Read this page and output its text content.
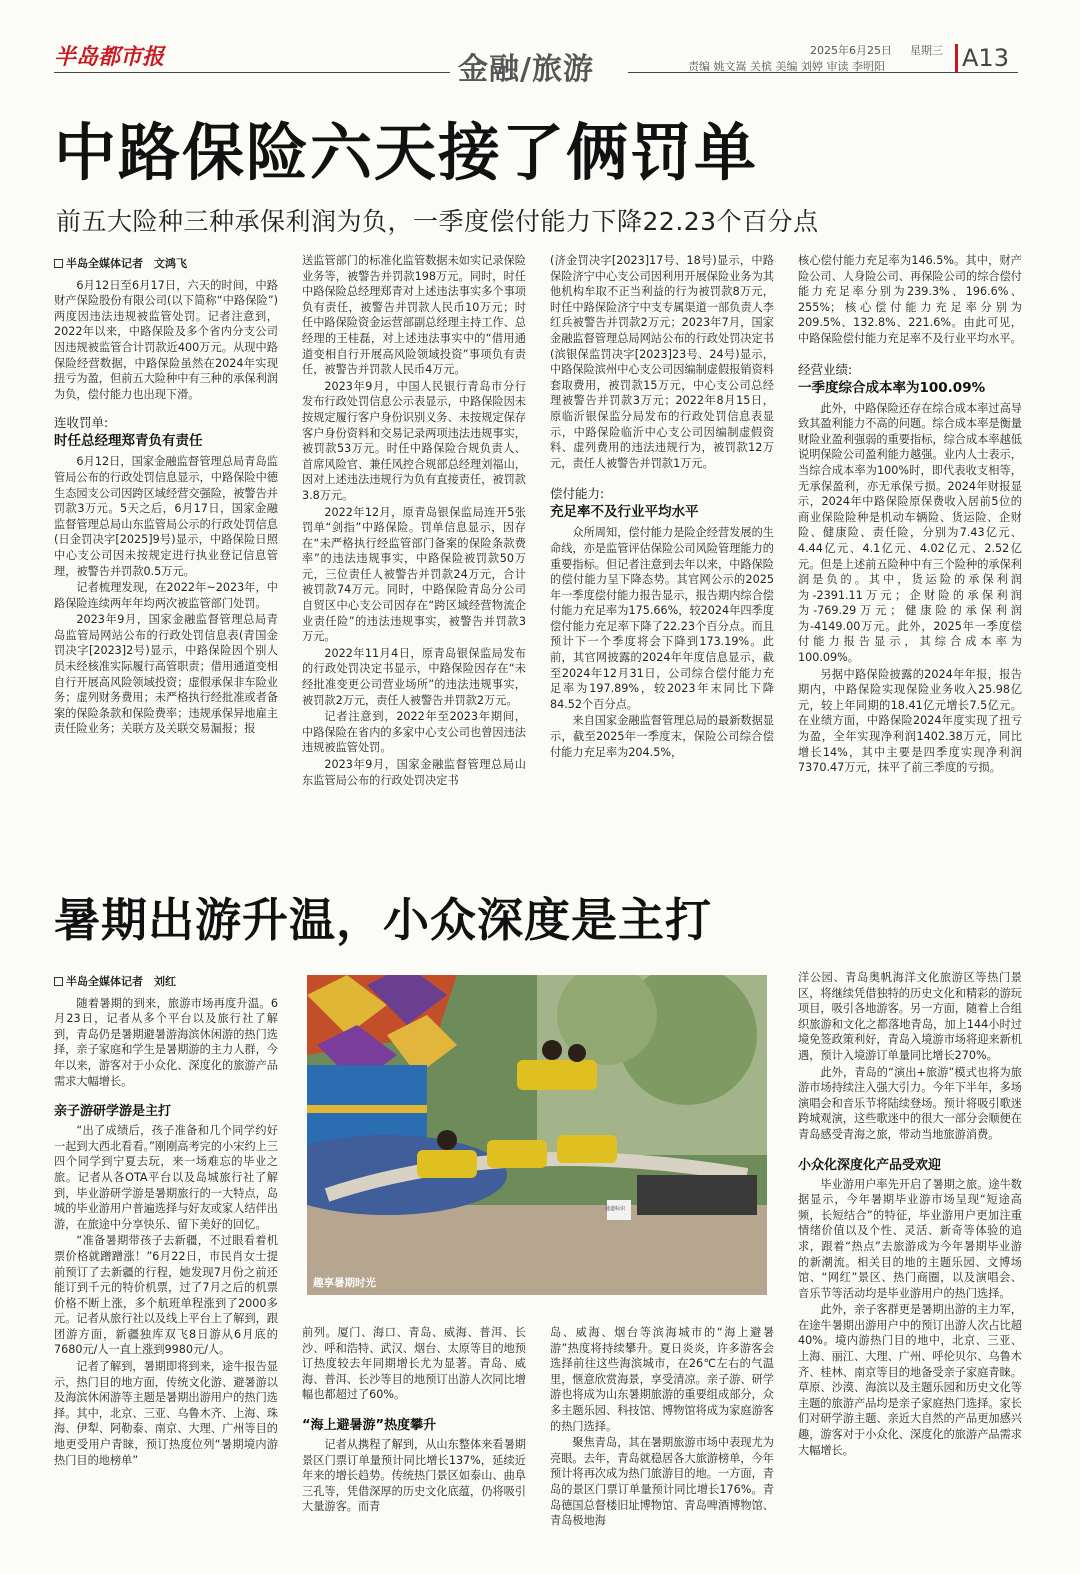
半岛都市报	金融/旅游
2025年6月25日 星期三
责编 姚文嵩 关槟 美编 刘婷 审读 李明阳	A13
中路保险六天接了俩罚单
前五大险种三种承保利润为负，一季度偿付能力下降22.23个百分点
半岛全媒体记者　文鸿飞

6月12日至6月17日，六天的时间，中路财产保险股份有限公司(以下简称“中路保险”)两度因违法违规被监管处罚。记者注意到，2022年以来，中路保险及多个省内分支公司因违规被监管合计罚款近400万元。从现中路保险经营数据，中路保险虽然在2024年实现扭亏为盈，但前五大险种中有三种的承保利润为负，偿付能力也出现下滑。

连收罚单:
时任总经理郑青负有责任

6月12日，国家金融监督管理总局青岛监管局公布的行政处罚信息显示，中路保险中德生态园支公司因跨区域经营交强险，被警告并罚款3万元。5天之后，6月17日，国家金融监督管理总局山东监管局公示的行政处罚信息(日金罚决字[2025]9号)显示，中路保险日照中心支公司因未按规定进行执业登记信息管理，被警告并罚款0.5万元。

记者梳理发现，在2022年~2023年，中路保险连续两年年均两次被监管部门处罚。

2023年9月，国家金融监督管理总局青岛监管局网站公布的行政处罚信息表(青国金罚决字[2023]2号)显示，中路保险因个别人员未经核准实际履行高管职责；借用通道变相自行开展高风险领域投资；虚假承保非车险业务；虚列财务费用；未严格执行经批准或者备案的保险条款和保险费率；违规承保异地雇主责任险业务；关联方及关联交易漏报；报

送监管部门的标准化监管数据未如实记录保险业务等，被警告并罚款198万元。同时，时任中路保险总经理郑青对上述违法事实多个事项负有责任，被警告并罚款人民币10万元；时任中路保险资金运营部副总经理主持工作、总经理的王桂磊，对上述违法事实中的“借用通道变相自行开展高风险领域投资”事项负有责任，被警告并罚款人民币4万元。

2023年9月，中国人民银行青岛市分行发布行政处罚信息公示表显示，中路保险因未按规定履行客户身份识别义务、未按规定保存客户身份资料和交易记录两项违法违规事实，被罚款53万元。时任中路保险合规负责人、首席风险官、兼任风控合规部总经理刘福山，因对上述违法违规行为负有直接责任，被罚款3.8万元。

2022年12月，原青岛银保监局连开5张罚单“剑指”中路保险。罚单信息显示，因存在“未严格执行经监管部门备案的保险条款费率”的违法违规事实，中路保险被罚款50万元，三位责任人被警告并罚款24万元，合计被罚款74万元。同时，中路保险青岛分公司自贸区中心支公司因存在“跨区域经营物流企业责任险”的违法违规事实，被警告并罚款3万元。

2022年11月4日，原青岛银保监局发布的行政处罚决定书显示，中路保险因存在“未经批准变更公司营业场所”的违法违规事实，被罚款2万元，责任人被警告并罚款2万元。

记者注意到，2022年至2023年期间，中路保险在省内的多家中心支公司也曾因违法违规被监管处罚。

2023年9月，国家金融监督管理总局山东监管局公布的行政处罚决定书

(济金罚决字[2023]17号、18号)显示，中路保险济宁中心支公司因利用开展保险业务为其他机构牟取不正当利益的行为被罚款8万元，时任中路保险济宁中支专属渠道一部负责人李红兵被警告并罚款2万元；2023年7月，国家金融监督管理总局网站公布的行政处罚决定书(滨银保监罚决字[2023]23号、24号)显示，中路保险滨州中心支公司因编制虚假报销资料套取费用，被罚款15万元，中心支公司总经理被警告并罚款3万元；2022年8月15日，原临沂银保监分局发布的行政处罚信息表显示，中路保险临沂中心支公司因编制虚假资料、虚列费用的违法违规行为，被罚款12万元，责任人被警告并罚款1万元。

偿付能力:
充足率不及行业平均水平

众所周知，偿付能力是险企经营发展的生命线，亦是监管评估保险公司风险管理能力的重要指标。但记者注意到去年以来，中路保险的偿付能力呈下降态势。其官网公示的2025年一季度偿付能力报告显示，报告期内综合偿付能力充足率为175.66%，较2024年四季度偿付能力充足率下降了22.23个百分点。而且预计下一个季度将会下降到173.19%。此前，其官网披露的2024年年度信息显示，截至2024年12月31日，公司综合偿付能力充足率为197.89%，较2023年末同比下降84.52个百分点。

来自国家金融监督管理总局的最新数据显示，截至2025年一季度末，保险公司综合偿付能力充足率为204.5%，

核心偿付能力充足率为146.5%。其中，财产险公司、人身险公司、再保险公司的综合偿付能力充足率分别为239.3%、196.6%、255%；核心偿付能力充足率分别为209.5%、132.8%、221.6%。由此可见，中路保险偿付能力充足率不及行业平均水平。

经营业绩:
一季度综合成本率为100.09%

此外，中路保险还存在综合成本率过高导致其盈利能力不高的问题。综合成本率是衡量财险业盈利强弱的重要指标，综合成本率越低说明保险公司盈利能力越强。业内人士表示，当综合成本率为100%时，即代表收支相等，无承保盈利，亦无承保亏损。2024年财报显示，2024年中路保险原保费收入居前5位的商业保险险种是机动车辆险、货运险、企财险、健康险、责任险，分别为7.43亿元、4.44亿元、4.1亿元、4.02亿元、2.52亿元。但是上述前五险种中有三个险种的承保利润是负的。其中，货运险的承保利润为-2391.11万元；企财险的承保利润为-769.29万元；健康险的承保利润为-4149.00万元。此外，2025年一季度偿付能力报告显示，其综合成本率为100.09%。

另据中路保险披露的2024年年报，报告期内，中路保险实现保险业务收入25.98亿元，较上年同期的18.41亿元增长7.5亿元。在业绩方面，中路保险2024年度实现了扭亏为盈，全年实现净利润1402.38万元，同比增长14%，其中主要是四季度实现净利润7370.47万元，抹平了前三季度的亏损。

暑期出游升温，小众深度是主打
半岛全媒体记者　刘红

随着暑期的到来，旅游市场再度升温。6月23日，记者从多个平台以及旅行社了解到，青岛仍是暑期避暑游海滨休闲游的热门选择，亲子家庭和学生是暑期游的主力人群，今年以来，游客对于小众化、深度化的旅游产品需求大幅增长。

亲子游研学游是主打

“出了成绩后，孩子准备和几个同学约好一起到大西北看看。”刚刚高考完的小宋约上三四个同学到宁夏去玩，来一场难忘的毕业之旅。记者从各OTA平台以及岛城旅行社了解到，毕业游研学游是暑期旅行的一大特点，岛城的毕业游用户普遍选择与好友或家人结伴出游，在旅途中分享快乐、留下美好的回忆。

“准备暑期带孩子去新疆，不过眼看着机票价格就蹭蹭涨！”6月22日，市民肖女士提前预订了去新疆的行程，她发现7月份之前还能订到千元的特价机票，过了7月之后的机票价格不断上涨，多个航班单程涨到了2000多元。记者从旅行社以及线上平台上了解到，跟团游方面，新疆独库双飞8日游从6月底的7680元/人一直上涨到9980元/人。

记者了解到，暑期即将到来，途牛报告显示，热门目的地方面，传统文化游、避暑游以及海滨休闲游等主题是暑期出游用户的热门选择。其中，北京、三亚、乌鲁木齐、上海、珠海、伊犁、阿勒泰、南京、大理、广州等目的地更受用户青睐，预订热度位列“暑期境内游热门目的地榜单”

通道标识
趣享暑期时光

前列。厦门、海口、青岛、威海、普洱、长沙、呼和浩特、武汉、烟台、太原等目的地预订热度较去年同期增长尤为显著。青岛、威海、普洱、长沙等目的地预订出游人次同比增幅也都超过了60%。

“海上避暑游”热度攀升

记者从携程了解到，从山东整体来看暑期景区门票订单量预计同比增长137%，延续近年来的增长趋势。传统热门景区如泰山、曲阜三孔等，凭借深厚的历史文化底蕴，仍将吸引大量游客。而青

岛、威海、烟台等滨海城市的“海上避暑游”热度将持续攀升。夏日炎炎，许多游客会选择前往这些海滨城市，在26℃左右的气温里，惬意欣赏海景，享受清凉。亲子游、研学游也将成为山东暑期旅游的重要组成部分，众多主题乐园、科技馆、博物馆将成为家庭游客的热门选择。

聚焦青岛，其在暑期旅游市场中表现尤为亮眼。去年，青岛就稳居各大旅游榜单，今年预计将再次成为热门旅游目的地。一方面，青岛的景区门票订单量预计同比增长176%。青岛德国总督楼旧址博物馆、青岛啤酒博物馆、青岛极地海

洋公园、青岛奥帆海洋文化旅游区等热门景区，将继续凭借独特的历史文化和精彩的游玩项目，吸引各地游客。另一方面，随着上合组织旅游和文化之都落地青岛，加上144小时过境免签政策利好，青岛入境游市场将迎来新机遇，预计入境游订单量同比增长270%。

此外，青岛的“演出+旅游”模式也将为旅游市场持续注入强大引力。今年下半年，多场演唱会和音乐节将陆续登场。预计将吸引歌迷跨城观演，这些歌迷中的很大一部分会顺便在青岛感受青海之旅，带动当地旅游消费。

小众化深度化产品受欢迎

毕业游用户率先开启了暑期之旅。途牛数据显示，今年暑期毕业游市场呈现“短途高频，长短结合”的特征，毕业游用户更加注重情绪价值以及个性、灵活、新奇等体验的追求，跟着“热点”去旅游成为今年暑期毕业游的新潮流。相关目的地的主题乐园、文博场馆、“网红”景区、热门商圈，以及演唱会、音乐节等活动均是毕业游用户的热门选择。

此外，亲子客群更是暑期出游的主力军，在途牛暑期出游用户中的预订出游人次占比超40%。境内游热门目的地中，北京、三亚、上海、丽江、大理、广州、呼伦贝尔、乌鲁木齐、桂林、南京等目的地备受亲子家庭青睐。草原、沙漠、海滨以及主题乐园和历史文化等主题的旅游产品均是亲子家庭热门选择。家长们对研学游主题、亲近大自然的产品更加感兴趣，游客对于小众化、深度化的旅游产品需求大幅增长。
